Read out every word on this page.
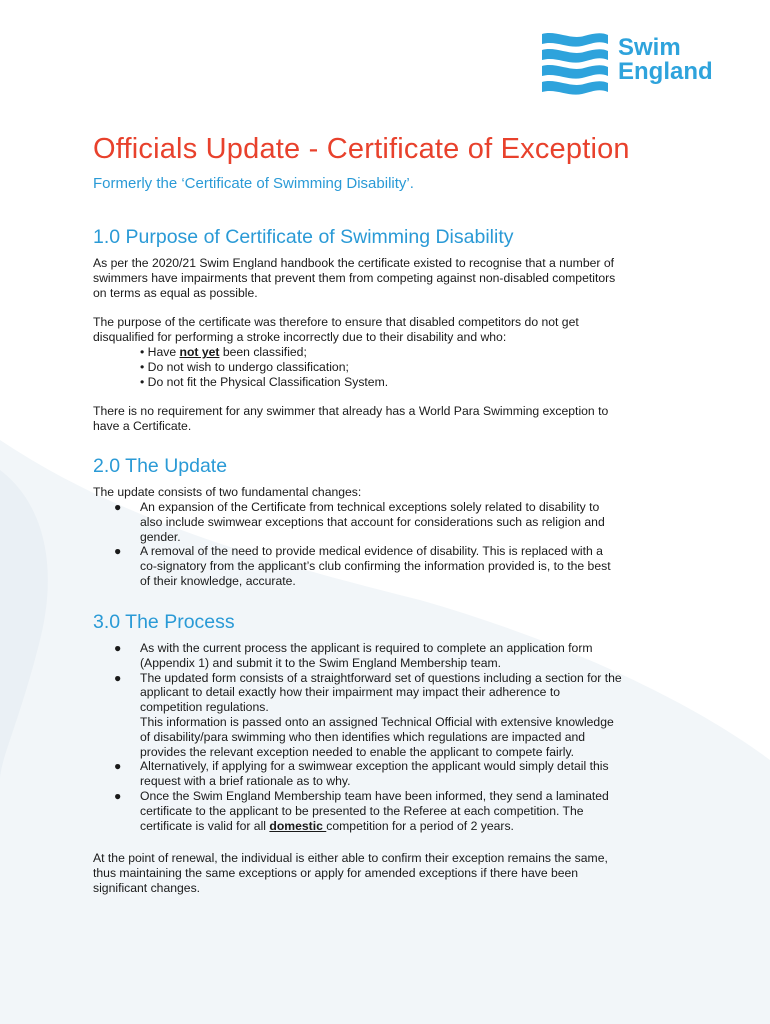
Swim
England
Officials Update - Certificate of Exception

Formerly the ‘Certificate of Swimming Disability’.

1.0 Purpose of Certificate of Swimming Disability

As per the 2020/21 Swim England handbook the certificate existed to recognise that a number of
swimmers have impairments that prevent them from competing against non-disabled competitors
on terms as equal as possible.

The purpose of the certificate was therefore to ensure that disabled competitors do not get
disqualified for performing a stroke incorrectly due to their disability and who:

• Have not yet been classified;

• Do not wish to undergo classification;

• Do not fit the Physical Classification System.

There is no requirement for any swimmer that already has a World Para Swimming exception to
have a Certificate.

2.0 The Update

The update consists of two fundamental changes:

● An expansion of the Certificate from technical exceptions solely related to disability to
also include swimwear exceptions that account for considerations such as religion and
gender.
● A removal of the need to provide medical evidence of disability. This is replaced with a
co-signatory from the applicant’s club confirming the information provided is, to the best
of their knowledge, accurate.
3.0 The Process
● As with the current process the applicant is required to complete an application form
(Appendix 1) and submit it to the Swim England Membership team.
● The updated form consists of a straightforward set of questions including a section for the
applicant to detail exactly how their impairment may impact their adherence to
competition regulations.
This information is passed onto an assigned Technical Official with extensive knowledge
of disability/para swimming who then identifies which regulations are impacted and
provides the relevant exception needed to enable the applicant to compete fairly.
● Alternatively, if applying for a swimwear exception the applicant would simply detail this
request with a brief rationale as to why.
● Once the Swim England Membership team have been informed, they send a laminated
certificate to the applicant to be presented to the Referee at each competition. The
certificate is valid for all domestic competition for a period of 2 years.

At the point of renewal, the individual is either able to confirm their exception remains the same,
thus maintaining the same exceptions or apply for amended exceptions if there have been
significant changes.
